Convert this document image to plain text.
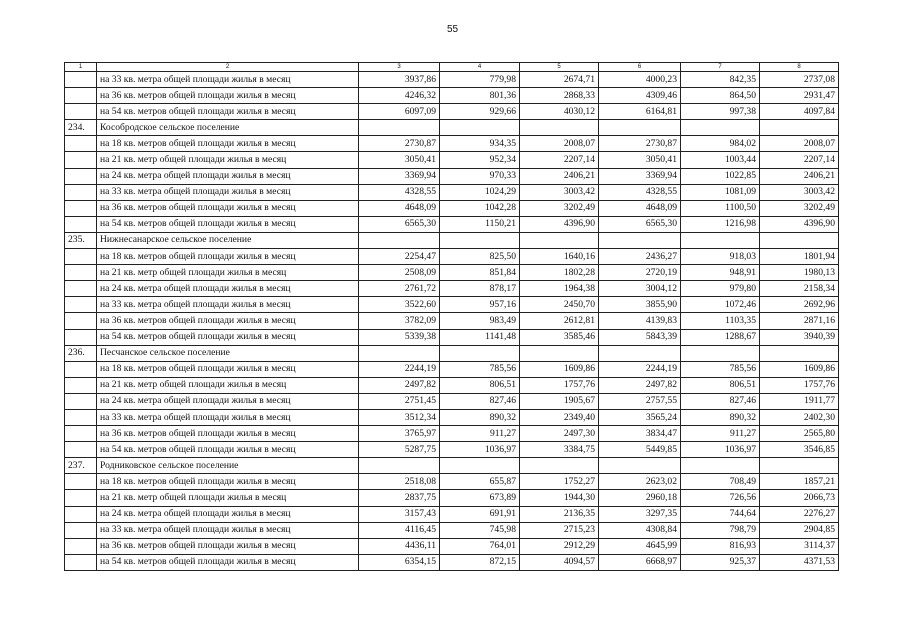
55
1	2	3	4	5	6	7	8
	на 33 кв. метра общей площади жилья в месяц	3937,86	779,98	2674,71	4000,23	842,35	2737,08
	на 36 кв. метров общей площади жилья в месяц	4246,32	801,36	2868,33	4309,46	864,50	2931,47
	на 54 кв. метров общей площади жилья в месяц	6097,09	929,66	4030,12	6164,81	997,38	4097,84
234.	Кособродское сельское поселение						
	на 18 кв. метров общей площади жилья в месяц	2730,87	934,35	2008,07	2730,87	984,02	2008,07
	на 21 кв. метр общей площади жилья в месяц	3050,41	952,34	2207,14	3050,41	1003,44	2207,14
	на 24 кв. метра общей площади жилья в месяц	3369,94	970,33	2406,21	3369,94	1022,85	2406,21
	на 33 кв. метра общей площади жилья в месяц	4328,55	1024,29	3003,42	4328,55	1081,09	3003,42
	на 36 кв. метров общей площади жилья в месяц	4648,09	1042,28	3202,49	4648,09	1100,50	3202,49
	на 54 кв. метров общей площади жилья в месяц	6565,30	1150,21	4396,90	6565,30	1216,98	4396,90
235.	Нижнесанарское сельское поселение						
	на 18 кв. метров общей площади жилья в месяц	2254,47	825,50	1640,16	2436,27	918,03	1801,94
	на 21 кв. метр общей площади жилья в месяц	2508,09	851,84	1802,28	2720,19	948,91	1980,13
	на 24 кв. метра общей площади жилья в месяц	2761,72	878,17	1964,38	3004,12	979,80	2158,34
	на 33 кв. метра общей площади жилья в месяц	3522,60	957,16	2450,70	3855,90	1072,46	2692,96
	на 36 кв. метров общей площади жилья в месяц	3782,09	983,49	2612,81	4139,83	1103,35	2871,16
	на 54 кв. метров общей площади жилья в месяц	5339,38	1141,48	3585,46	5843,39	1288,67	3940,39
236.	Песчанское сельское поселение						
	на 18 кв. метров общей площади жилья в месяц	2244,19	785,56	1609,86	2244,19	785,56	1609,86
	на 21 кв. метр общей площади жилья в месяц	2497,82	806,51	1757,76	2497,82	806,51	1757,76
	на 24 кв. метра общей площади жилья в месяц	2751,45	827,46	1905,67	2757,55	827,46	1911,77
	на 33 кв. метра общей площади жилья в месяц	3512,34	890,32	2349,40	3565,24	890,32	2402,30
	на 36 кв. метров общей площади жилья в месяц	3765,97	911,27	2497,30	3834,47	911,27	2565,80
	на 54 кв. метров общей площади жилья в месяц	5287,75	1036,97	3384,75	5449,85	1036,97	3546,85
237.	Родниковское сельское поселение						
	на 18 кв. метров общей площади жилья в месяц	2518,08	655,87	1752,27	2623,02	708,49	1857,21
	на 21 кв. метр общей площади жилья в месяц	2837,75	673,89	1944,30	2960,18	726,56	2066,73
	на 24 кв. метра общей площади жилья в месяц	3157,43	691,91	2136,35	3297,35	744,64	2276,27
	на 33 кв. метра общей площади жилья в месяц	4116,45	745,98	2715,23	4308,84	798,79	2904,85
	на 36 кв. метров общей площади жилья в месяц	4436,11	764,01	2912,29	4645,99	816,93	3114,37
	на 54 кв. метров общей площади жилья в месяц	6354,15	872,15	4094,57	6668,97	925,37	4371,53
